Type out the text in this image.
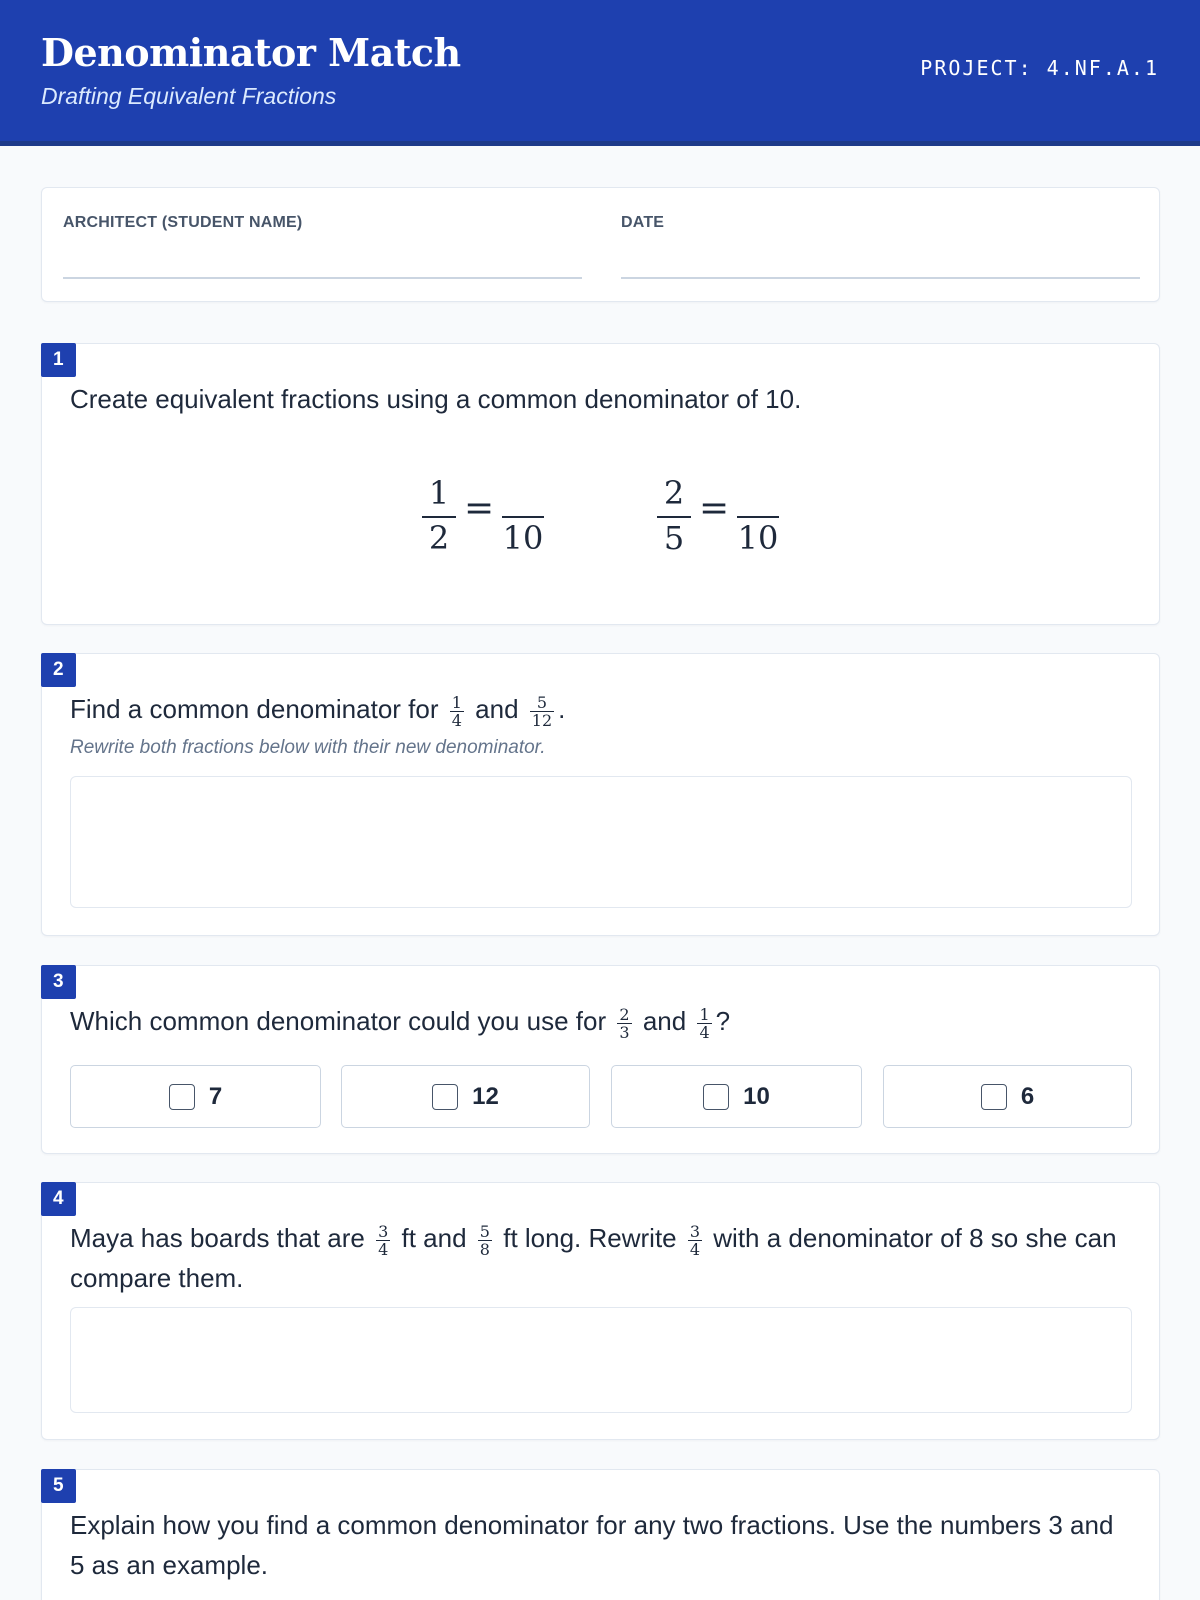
Denominator Match
Drafting Equivalent Fractions
PROJECT: 4.NF.A.1
ARCHITECT (STUDENT NAME)	DATE
1
Create equivalent fractions using a common denominator of 10.
1
2
=
10
2
5
=
10
2
Find a common denominator for $\frac{1}{4}$ and $\frac{5}{12}$ .
Rewrite both fractions below with their new denominator.
3
Which common denominator could you use for $\frac{2}{3}$ and $\frac{1}{4}$ ?
7	12	10	6
4
Maya has boards that are $\frac{3}{4}$ ft and $\frac{5}{8}$ ft long. Rewrite $\frac{3}{4}$ with a denominator of 8 so she can compare them.
5
Explain how you find a common denominator for any two fractions. Use the numbers 3 and 5 as an example.
